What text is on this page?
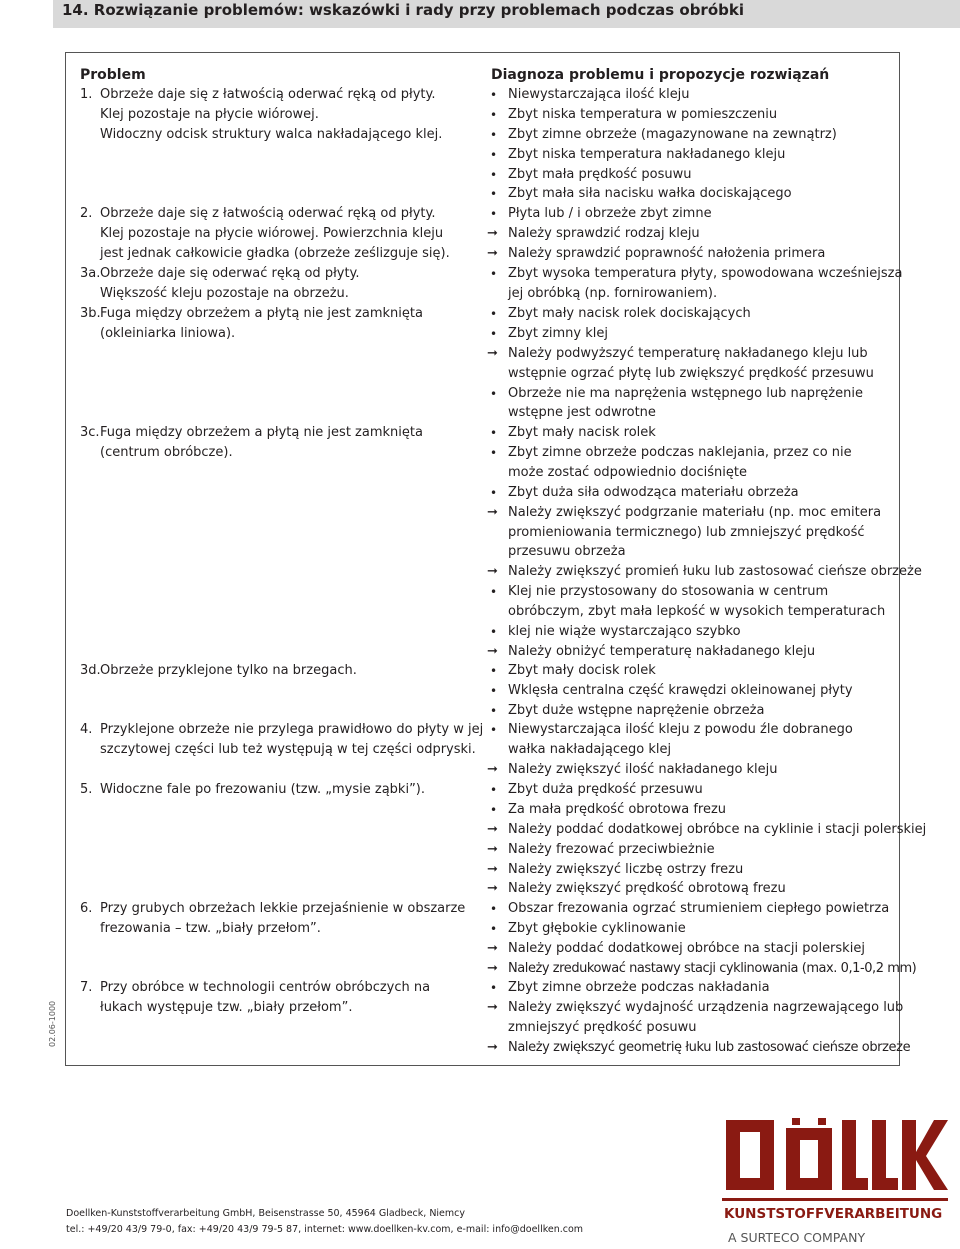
14. Rozwiązanie problemów: wskazówki i rady przy problemach podczas obróbki
02.06-1000
Problem	Diagnoza problemu i propozycje rozwiązań
1. Obrzeże daje się z łatwością oderwać ręką od płyty.
Klej pozostaje na płycie wiórowej.
Widoczny odcisk struktury walca nakładającego klej.
2. Obrzeże daje się z łatwością oderwać ręką od płyty.
Klej pozostaje na płycie wiórowej. Powierzchnia kleju
jest jednak całkowicie gładka (obrzeże ześlizguje się).
3a. Obrzeże daje się oderwać ręką od płyty.
Większość kleju pozostaje na obrzeżu.
3b. Fuga między obrzeżem a płytą nie jest zamknięta
(okleiniarka liniowa).
3c. Fuga między obrzeżem a płytą nie jest zamknięta
(centrum obróbcze).
3d. Obrzeże przyklejone tylko na brzegach.
4. Przyklejone obrzeże nie przylega prawidłowo do płyty w jej
szczytowej części lub też występują w tej części odpryski.
5. Widoczne fale po frezowaniu (tzw. „mysie ząbki”).
6. Przy grubych obrzeżach lekkie przejaśnienie w obszarze
frezowania – tzw. „biały przełom”.
7. Przy obróbce w technologii centrów obróbczych na
łukach występuje tzw. „biały przełom”.
• Niewystarczająca ilość kleju
• Zbyt niska temperatura w pomieszczeniu
• Zbyt zimne obrzeże (magazynowane na zewnątrz)
• Zbyt niska temperatura nakładanego kleju
• Zbyt mała prędkość posuwu
• Zbyt mała siła nacisku wałka dociskającego
• Płyta lub / i obrzeże zbyt zimne
➞ Należy sprawdzić rodzaj kleju
➞ Należy sprawdzić poprawność nałożenia primera
• Zbyt wysoka temperatura płyty, spowodowana wcześniejsza
jej obróbką (np. fornirowaniem).
• Zbyt mały nacisk rolek dociskających
• Zbyt zimny klej
➞ Należy podwyższyć temperaturę nakładanego kleju lub
wstępnie ogrzać płytę lub zwiększyć prędkość przesuwu
• Obrzeże nie ma naprężenia wstępnego lub naprężenie
wstępne jest odwrotne
• Zbyt mały nacisk rolek
• Zbyt zimne obrzeże podczas naklejania, przez co nie
może zostać odpowiednio dociśnięte
• Zbyt duża siła odwodząca materiału obrzeża
➞ Należy zwiększyć podgrzanie materiału (np. moc emitera
promieniowania termicznego) lub zmniejszyć prędkość
przesuwu obrzeża
➞ Należy zwiększyć promień łuku lub zastosować cieńsze obrzeże
• Klej nie przystosowany do stosowania w centrum
obróbczym, zbyt mała lepkość w wysokich temperaturach
• klej nie wiąże wystarczająco szybko
➞ Należy obniżyć temperaturę nakładanego kleju
• Zbyt mały docisk rolek
• Wklęsła centralna część krawędzi okleinowanej płyty
• Zbyt duże wstępne naprężenie obrzeża
• Niewystarczająca ilość kleju z powodu źle dobranego
wałka nakładającego klej
➞ Należy zwiększyć ilość nakładanego kleju
• Zbyt duża prędkość przesuwu
• Za mała prędkość obrotowa frezu
➞ Należy poddać dodatkowej obróbce na cyklinie i stacji polerskiej
➞ Należy frezować przeciwbieżnie
➞ Należy zwiększyć liczbę ostrzy frezu
➞ Należy zwiększyć prędkość obrotową frezu
• Obszar frezowania ogrzać strumieniem ciepłego powietrza
• Zbyt głębokie cyklinowanie
➞ Należy poddać dodatkowej obróbce na stacji polerskiej
➞ Należy zredukować nastawy stacji cyklinowania (max. 0,1-0,2 mm)
• Zbyt zimne obrzeże podczas nakładania
➞ Należy zwiększyć wydajność urządzenia nagrzewającego lub
zmniejszyć prędkość posuwu
➞ Należy zwiększyć geometrię łuku lub zastosować cieńsze obrzeże
Doellken-Kunststoffverarbeitung GmbH, Beisenstrasse 50, 45964 Gladbeck, Niemcy
tel.: +49/20 43/9 79-0, fax: +49/20 43/9 79-5 87, internet: www.doellken-kv.com, e-mail: info@doellken.com
KUNSTSTOFFVERARBEITUNG
A SURTECO COMPANY
